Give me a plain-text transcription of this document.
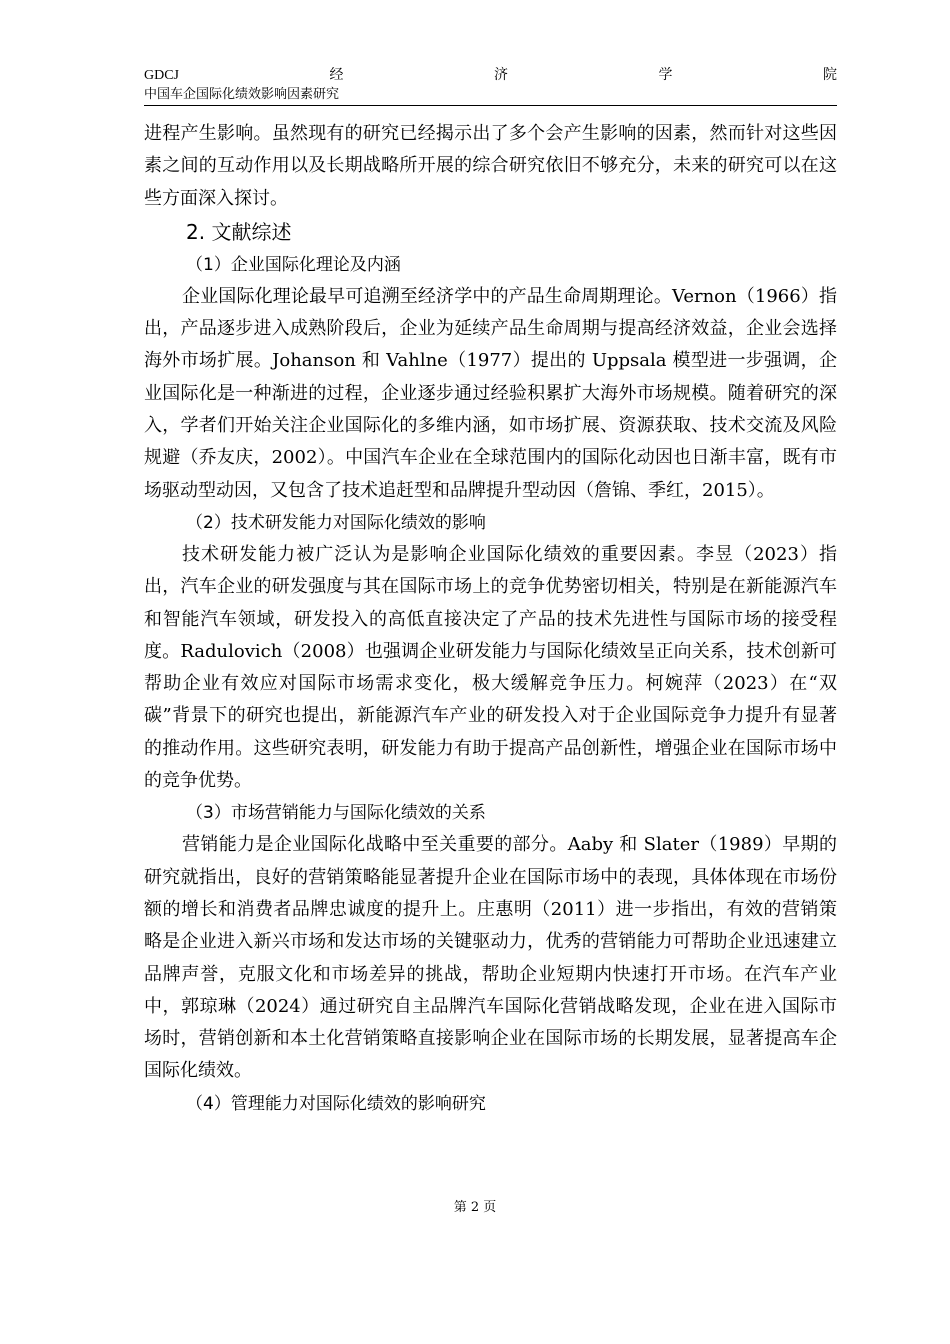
GDCJ	经	济	学	院
中国车企国际化绩效影响因素研究

进程产生影响。虽然现有的研究已经揭示出了多个会产生影响的因素，然而针对这些因素之间的互动作用以及长期战略所开展的综合研究依旧不够充分，未来的研究可以在这些方面深入探讨。

2. 文献综述
（1）企业国际化理论及内涵

企业国际化理论最早可追溯至经济学中的产品生命周期理论。Vernon（1966）指出，产品逐步进入成熟阶段后，企业为延续产品生命周期与提高经济效益，企业会选择海外市场扩展。Johanson 和 Vahlne（1977）提出的 Uppsala 模型进一步强调，企业国际化是一种渐进的过程，企业逐步通过经验积累扩大海外市场规模。随着研究的深入，学者们开始关注企业国际化的多维内涵，如市场扩展、资源获取、技术交流及风险规避（乔友庆，2002）。中国汽车企业在全球范围内的国际化动因也日渐丰富，既有市场驱动型动因，又包含了技术追赶型和品牌提升型动因（詹锦、季红，2015）。

（2）技术研发能力对国际化绩效的影响

技术研发能力被广泛认为是影响企业国际化绩效的重要因素。李昱（2023）指出，汽车企业的研发强度与其在国际市场上的竞争优势密切相关，特别是在新能源汽车和智能汽车领域，研发投入的高低直接决定了产品的技术先进性与国际市场的接受程度。Radulovich（2008）也强调企业研发能力与国际化绩效呈正向关系，技术创新可帮助企业有效应对国际市场需求变化，极大缓解竞争压力。柯婉萍（2023）在“双碳”背景下的研究也提出，新能源汽车产业的研发投入对于企业国际竞争力提升有显著的推动作用。这些研究表明，研发能力有助于提高产品创新性，增强企业在国际市场中的竞争优势。

（3）市场营销能力与国际化绩效的关系

营销能力是企业国际化战略中至关重要的部分。Aaby 和 Slater（1989）早期的研究就指出，良好的营销策略能显著提升企业在国际市场中的表现，具体体现在市场份额的增长和消费者品牌忠诚度的提升上。庄惠明（2011）进一步指出，有效的营销策略是企业进入新兴市场和发达市场的关键驱动力，优秀的营销能力可帮助企业迅速建立品牌声誉，克服文化和市场差异的挑战，帮助企业短期内快速打开市场。在汽车产业中，郭琼琳（2024）通过研究自主品牌汽车国际化营销战略发现，企业在进入国际市场时，营销创新和本土化营销策略直接影响企业在国际市场的长期发展，显著提高车企国际化绩效。

（4）管理能力对国际化绩效的影响研究
第 2 页
